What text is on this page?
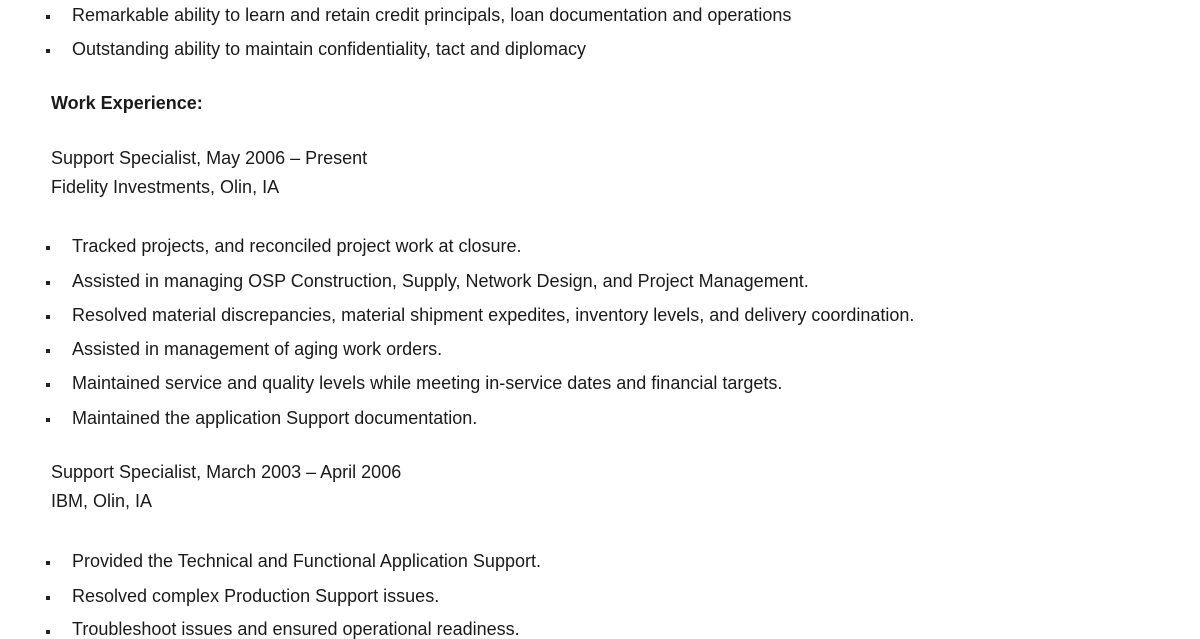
Remarkable ability to learn and retain credit principals, loan documentation and operations
Outstanding ability to maintain confidentiality, tact and diplomacy
Work Experience:
Support Specialist, May 2006 – Present
Fidelity Investments, Olin, IA
Tracked projects, and reconciled project work at closure.
Assisted in managing OSP Construction, Supply, Network Design, and Project Management.
Resolved material discrepancies, material shipment expedites, inventory levels, and delivery coordination.
Assisted in management of aging work orders.
Maintained service and quality levels while meeting in-service dates and financial targets.
Maintained the application Support documentation.
Support Specialist, March 2003 – April 2006
IBM, Olin, IA
Provided the Technical and Functional Application Support.
Resolved complex Production Support issues.
Troubleshoot issues and ensured operational readiness.
